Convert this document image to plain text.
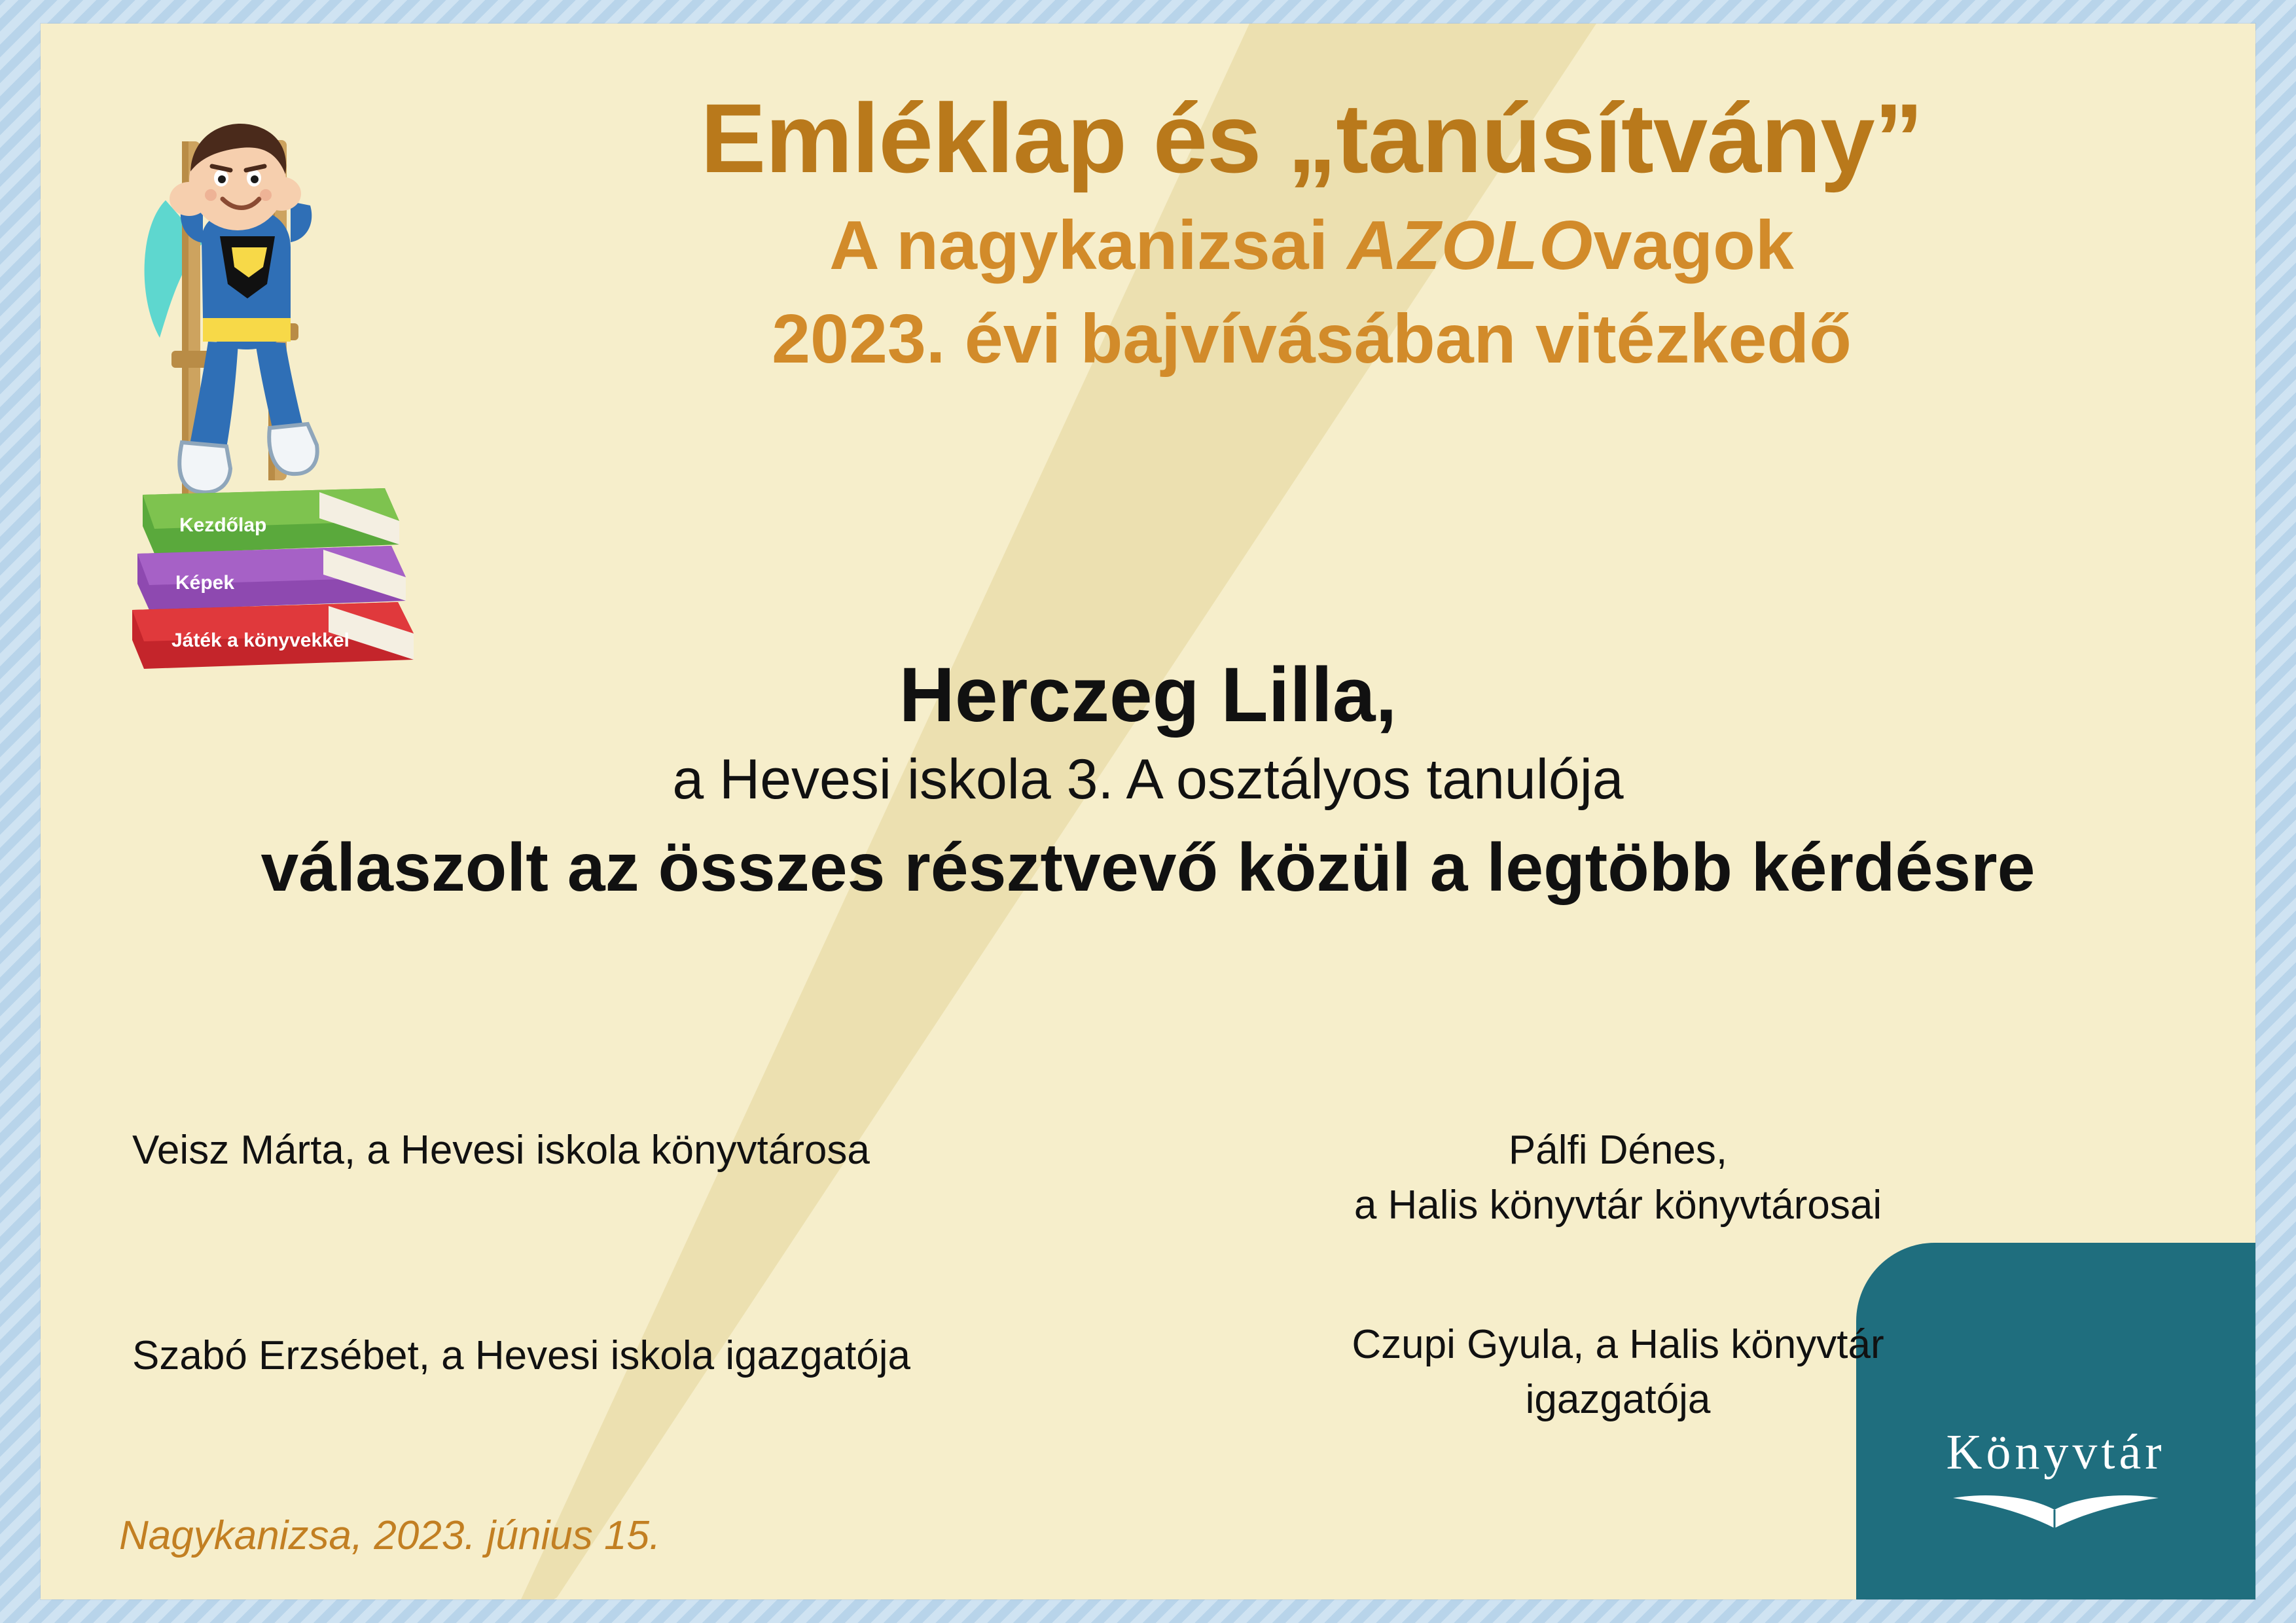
Kezdőlap
Képek
Játék a könyvekkel
Emléklap és „tanúsítvány”
A nagykanizsai AZOLOvagok
2023. évi bajvívásában vitézkedő
Herczeg Lilla,
a Hevesi iskola 3. A osztályos tanulója
válaszolt az összes résztvevő közül a legtöbb kérdésre
Veisz Márta, a Hevesi iskola könyvtárosa
Szabó Erzsébet, a Hevesi iskola igazgatója
Pálfi Dénes,
a Halis könyvtár könyvtárosai
Czupi Gyula, a Halis könyvtár
igazgatója
Nagykanizsa, 2023. június 15.
Könyvtár
